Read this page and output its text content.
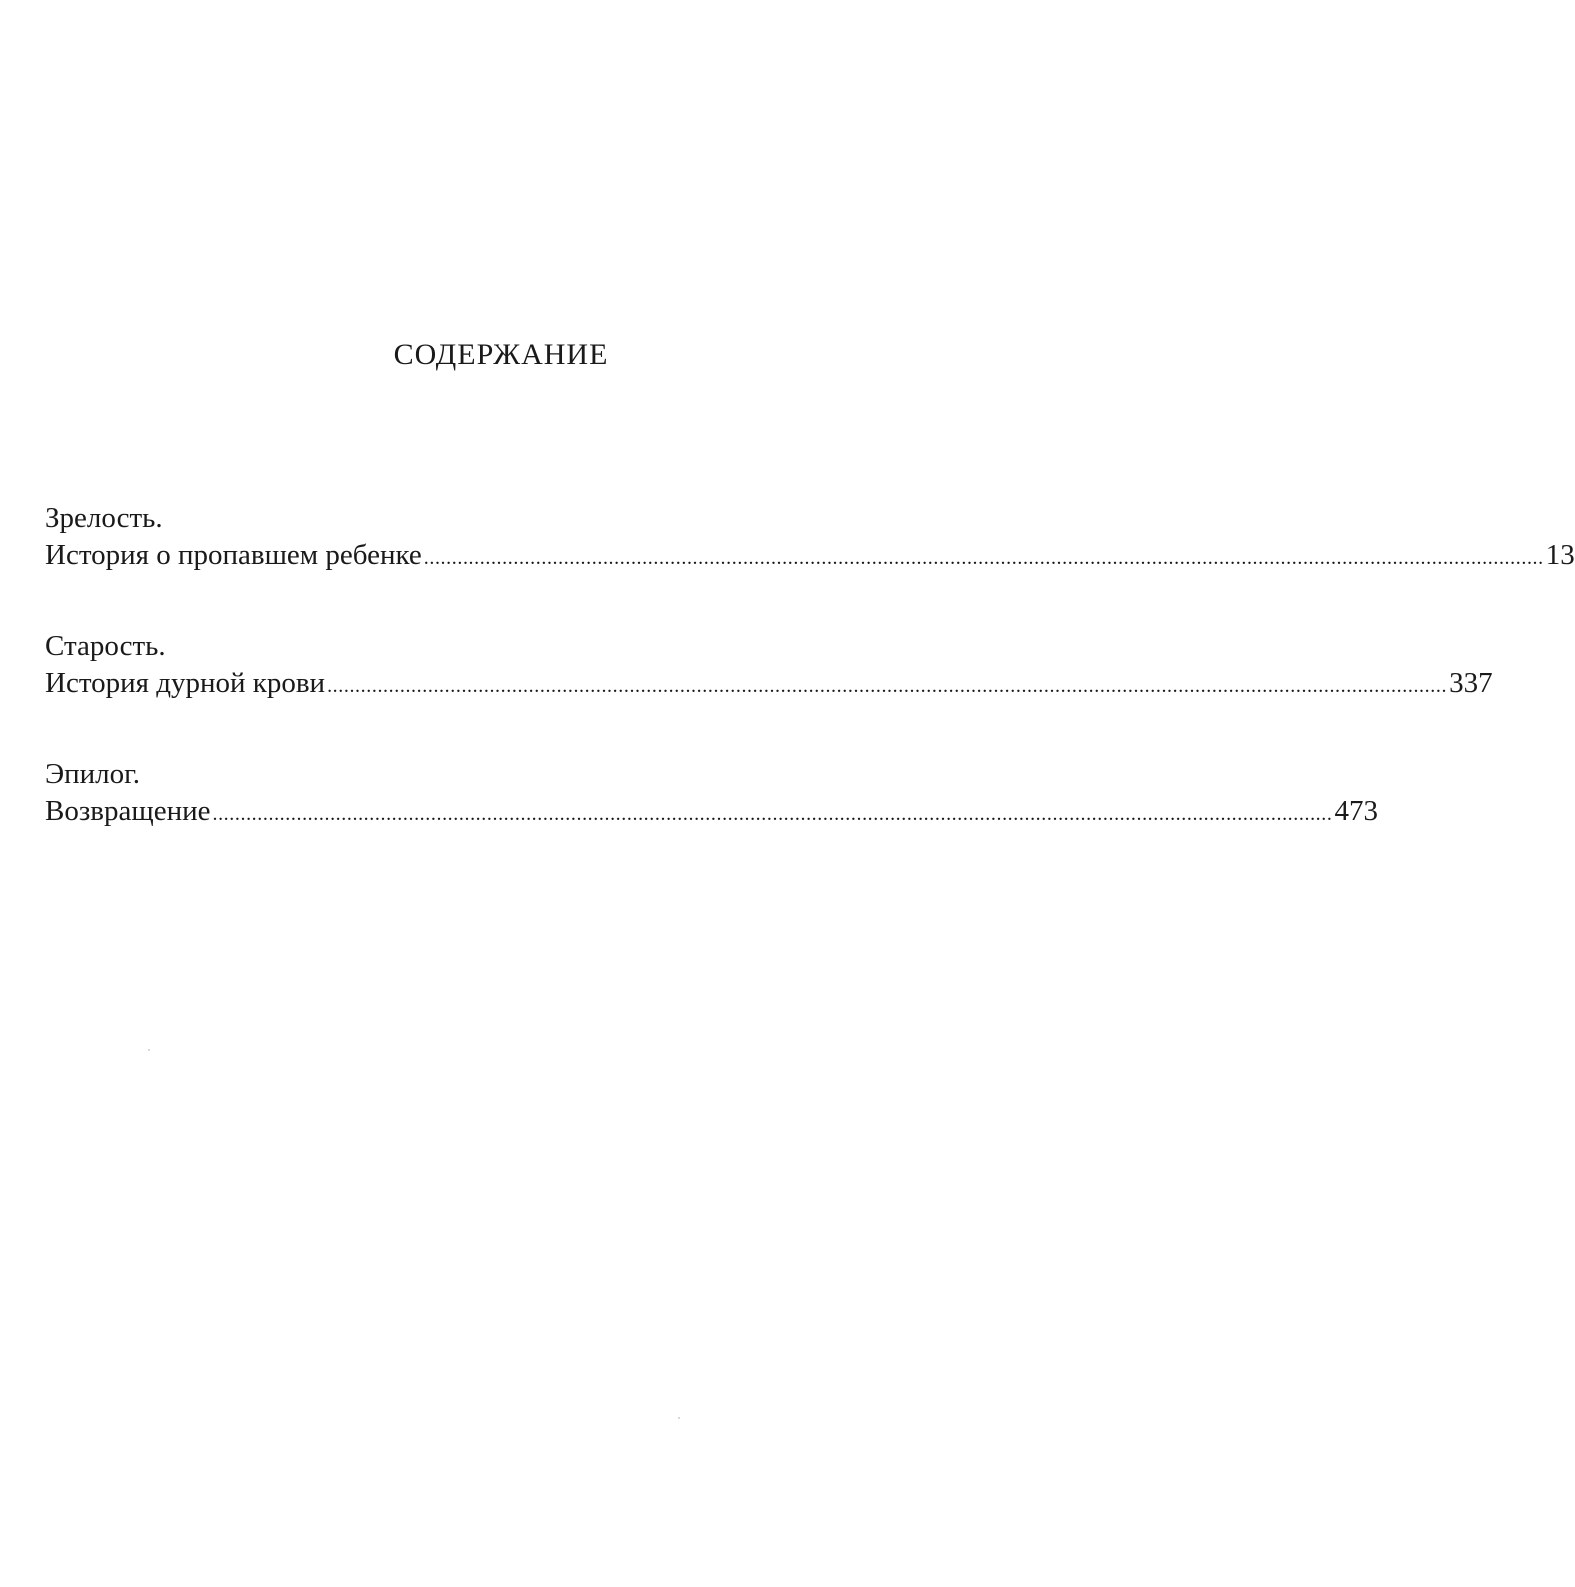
СОДЕРЖАНИЕ
Зрелость.
История о пропавшем ребенке ........................................................................................................................................................................................................ 13
Старость.
История дурной крови ........................................................................................................................................................................................................ 337
Эпилог.
Возвращение ........................................................................................................................................................................................................ 473
